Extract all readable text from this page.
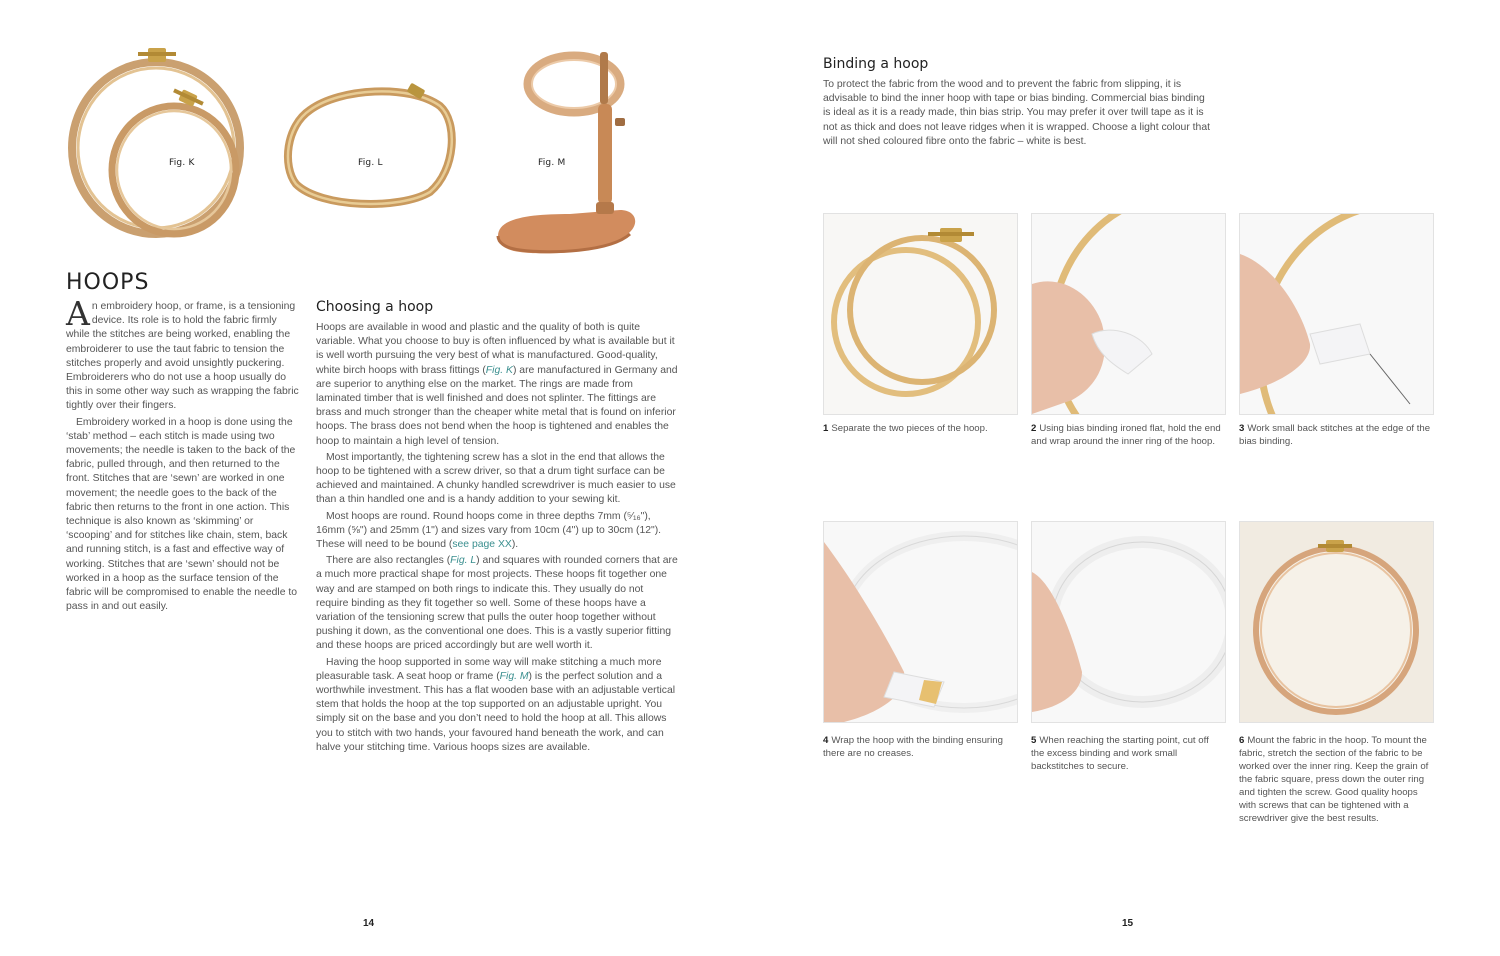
Fig. K	Fig. L	Fig. M
HOOPS

An embroidery hoop, or frame, is a tensioning device. Its role is to hold the fabric firmly while the stitches are being worked, enabling the embroiderer to use the taut fabric to tension the stitches properly and avoid unsightly puckering. Embroiderers who do not use a hoop usually do this in some other way such as wrapping the fabric tightly over their fingers.

Embroidery worked in a hoop is done using the ‘stab’ method – each stitch is made using two movements; the needle is taken to the back of the fabric, pulled through, and then returned to the front. Stitches that are ‘sewn’ are worked in one movement; the needle goes to the back of the fabric then returns to the front in one action. This technique is also known as ‘skimming’ or ‘scooping’ and for stitches like chain, stem, back and running stitch, is a fast and effective way of working. Stitches that are ‘sewn’ should not be worked in a hoop as the surface tension of the fabric will be compromised to enable the needle to pass in and out easily.

Choosing a hoop

Hoops are available in wood and plastic and the quality of both is quite variable. What you choose to buy is often influenced by what is available but it is well worth pursuing the very best of what is manufactured. Good-quality, white birch hoops with brass fittings (Fig. K) are manufactured in Germany and are superior to anything else on the market. The rings are made from laminated timber that is well finished and does not splinter. The fittings are brass and much stronger than the cheaper white metal that is found on inferior hoops. The brass does not bend when the hoop is tightened and enables the hoop to maintain a high level of tension.

Most importantly, the tightening screw has a slot in the end that allows the hoop to be tightened with a screw driver, so that a drum tight surface can be achieved and maintained. A chunky handled screwdriver is much easier to use than a thin handled one and is a handy addition to your sewing kit.

Most hoops are round. Round hoops come in three depths 7mm (⁵⁄₁₆"), 16mm (⅝") and 25mm (1") and sizes vary from 10cm (4") up to 30cm (12"). These will need to be bound (see page XX).

There are also rectangles (Fig. L) and squares with rounded corners that are a much more practical shape for most projects. These hoops fit together one way and are stamped on both rings to indicate this. They usually do not require binding as they fit together so well. Some of these hoops have a variation of the tensioning screw that pulls the outer hoop together without pushing it down, as the conventional one does. This is a vastly superior fitting and these hoops are priced accordingly but are well worth it.

Having the hoop supported in some way will make stitching a much more pleasurable task. A seat hoop or frame (Fig. M) is the perfect solution and a worthwhile investment. This has a flat wooden base with an adjustable vertical stem that holds the hoop at the top supported on an adjustable upright. You simply sit on the base and you don’t need to hold the hoop at all. This allows you to stitch with two hands, your favoured hand beneath the work, and can halve your stitching time. Various hoops sizes are available.

14
Binding a hoop
To protect the fabric from the wood and to prevent the fabric from slipping, it is advisable to bind the inner hoop with tape or bias binding. Commercial bias binding is ideal as it is a ready made, thin bias strip. You may prefer it over twill tape as it is not as thick and does not leave ridges when it is wrapped. Choose a light colour that will not shed coloured fibre onto the fabric – white is best.
1 Separate the two pieces of the hoop.	2 Using bias binding ironed flat, hold the end and wrap around the inner ring of the hoop.
3 Work small back stitches at the edge of the bias binding.
4 Wrap the hoop with the binding ensuring there are no creases.
5 When reaching the starting point, cut off the excess binding and work small backstitches to secure.
6 Mount the fabric in the hoop. To mount the fabric, stretch the section of the fabric to be worked over the inner ring. Keep the grain of the fabric square, press down the outer ring and tighten the screw. Good quality hoops with screws that can be tightened with a screwdriver give the best results.
15
